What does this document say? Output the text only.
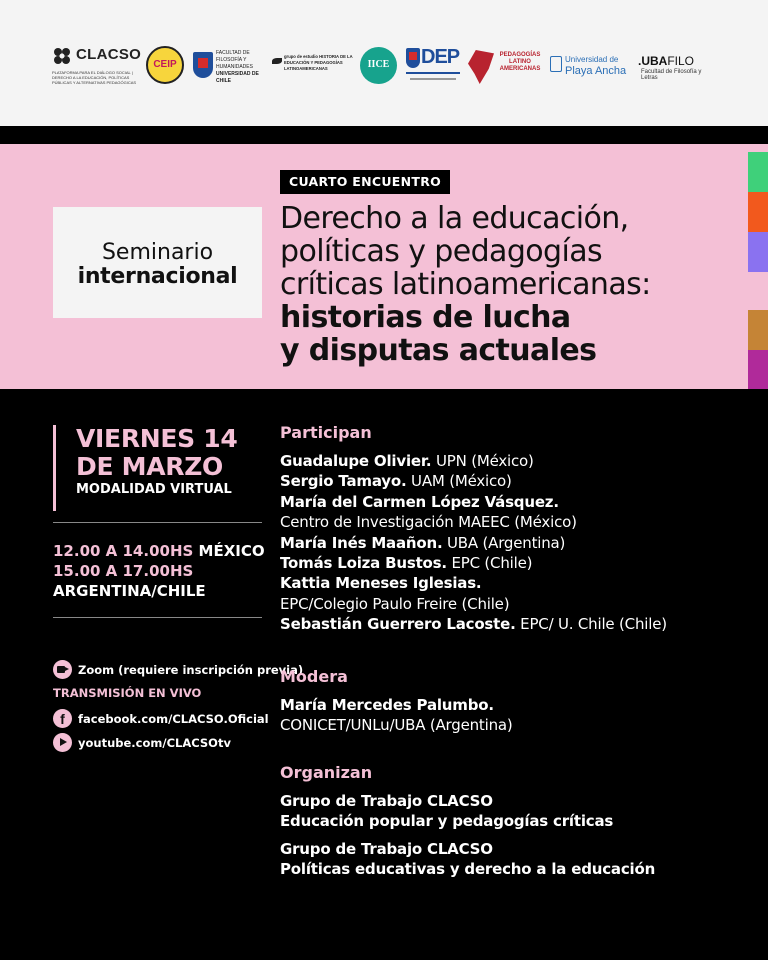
CLACSO
PLATAFORMA PARA EL DIÁLOGO SOCIAL | DERECHO A LA EDUCACIÓN, POLÍTICAS PÚBLICAS Y ALTERNATIVAS PEDAGÓGICAS
CEIP
FACULTAD DE FILOSOFÍA Y HUMANIDADES
UNIVERSIDAD DE CHILE
grupo de estudio HISTORIA DE LA EDUCACIÓN Y PEDAGOGÍAS LATINOAMERICANAS	IICE	DEP	PEDAGOGÍAS LATINO AMERICANAS
Universidad de
Playa Ancha
.UBAFILO
Facultad de Filosofía y Letras
Seminario
internacional
CUARTO ENCUENTRO
Derecho a la educación,
políticas y pedagogías
críticas latinoamericanas:
historias de lucha
y disputas actuales
VIERNES 14
DE MARZO
MODALIDAD VIRTUAL
12.00 A 14.00HS MÉXICO
15.00 A 17.00HS
ARGENTINA/CHILE
Zoom (requiere inscripción previa)
TRANSMISIÓN EN VIVO
f	facebook.com/CLACSO.Oficial
youtube.com/CLACSOtv
Participan
Guadalupe Olivier. UPN (México)
Sergio Tamayo. UAM (México)
María del Carmen López Vásquez.
Centro de Investigación MAEEC (México)
María Inés Maañon. UBA (Argentina)
Tomás Loiza Bustos. EPC (Chile)
Kattia Meneses Iglesias.
EPC/Colegio Paulo Freire (Chile)
Sebastián Guerrero Lacoste. EPC/ U. Chile (Chile)
Modera
María Mercedes Palumbo.
CONICET/UNLu/UBA (Argentina)
Organizan
Grupo de Trabajo CLACSO
Educación popular y pedagogías críticas
Grupo de Trabajo CLACSO
Políticas educativas y derecho a la educación
